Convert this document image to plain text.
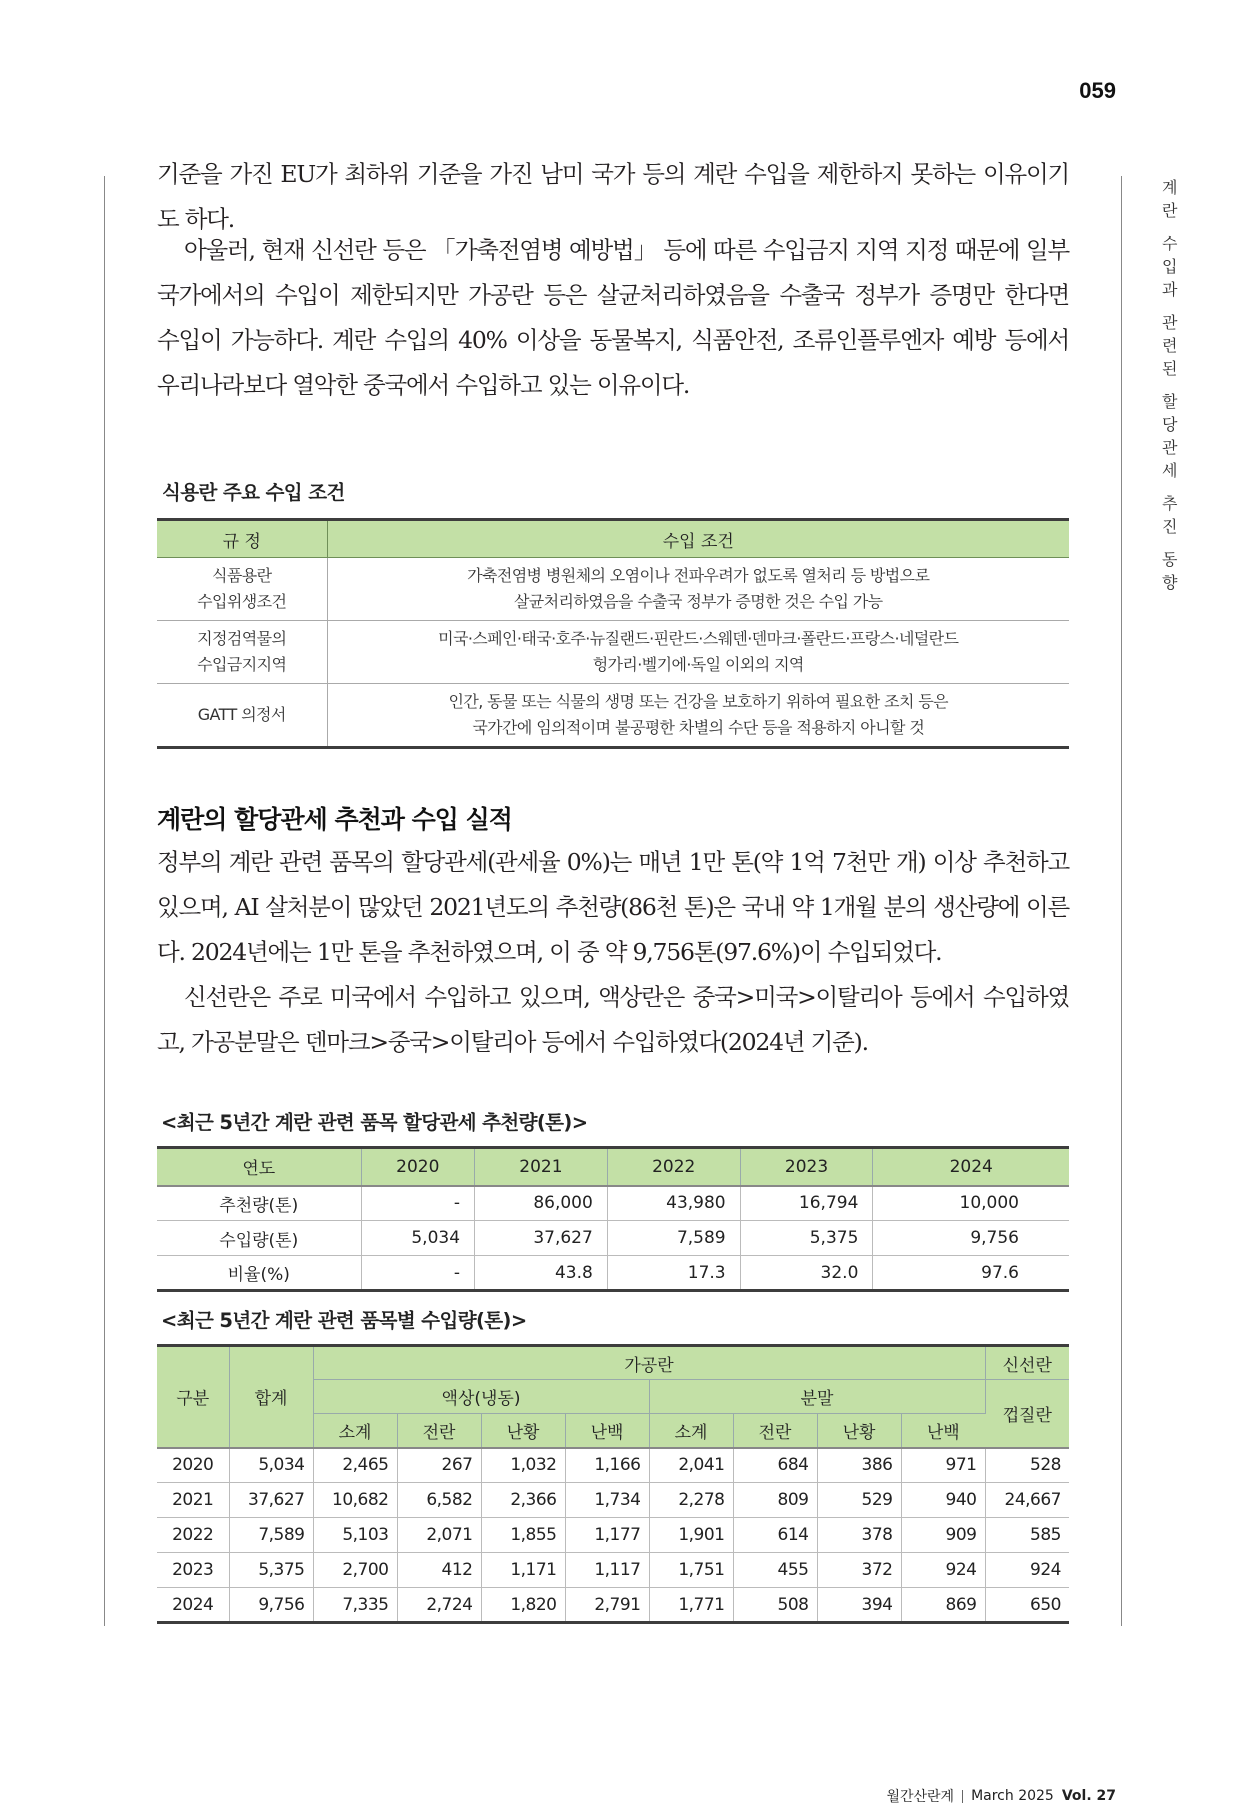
059
계
란
수
입
과
관
련
된
할
당
관
세
추
진
동
향
기준을 가진 EU가 최하위 기준을 가진 남미 국가 등의 계란 수입을 제한하지 못하는 이유이기
도 하다.
아울러, 현재 신선란 등은 「가축전염병 예방법」 등에 따른 수입금지 지역 지정 때문에 일부
국가에서의 수입이 제한되지만 가공란 등은 살균처리하였음을 수출국 정부가 증명만 한다면
수입이 가능하다. 계란 수입의 40% 이상을 동물복지, 식품안전, 조류인플루엔자 예방 등에서
우리나라보다 열악한 중국에서 수입하고 있는 이유이다.
식용란 주요 수입 조건
규 정	수입 조건
식품용란
수입위생조건	가축전염병 병원체의 오염이나 전파우려가 없도록 열처리 등 방법으로
살균처리하였음을 수출국 정부가 증명한 것은 수입 가능
지정검역물의
수입금지지역	미국·스페인·태국·호주·뉴질랜드·핀란드·스웨덴·덴마크·폴란드·프랑스·네덜란드
헝가리·벨기에·독일 이외의 지역
GATT 의정서	인간, 동물 또는 식물의 생명 또는 건강을 보호하기 위하여 필요한 조치 등은
국가간에 임의적이며 불공평한 차별의 수단 등을 적용하지 아니할 것
계란의 할당관세 추천과 수입 실적
정부의 계란 관련 품목의 할당관세(관세율 0%)는 매년 1만 톤(약 1억 7천만 개) 이상 추천하고
있으며, AI 살처분이 많았던 2021년도의 추천량(86천 톤)은 국내 약 1개월 분의 생산량에 이른
다. 2024년에는 1만 톤을 추천하였으며, 이 중 약 9,756톤(97.6%)이 수입되었다.
신선란은 주로 미국에서 수입하고 있으며, 액상란은 중국>미국>이탈리아 등에서 수입하였
고, 가공분말은 덴마크>중국>이탈리아 등에서 수입하였다(2024년 기준).
<최근 5년간 계란 관련 품목 할당관세 추천량(톤)>
연도	2020	2021	2022	2023	2024
추천량(톤)	-	86,000	43,980	16,794	10,000
수입량(톤)	5,034	37,627	7,589	5,375	9,756
비율(%)	-	43.8	17.3	32.0	97.6
<최근 5년간 계란 관련 품목별 수입량(톤)>
구분	합계	가공란								신선란
		액상(냉동)				분말				껍질란
		소계	전란	난황	난백	소계	전란	난황	난백	
2020	5,034	2,465	267	1,032	1,166	2,041	684	386	971	528
2021	37,627	10,682	6,582	2,366	1,734	2,278	809	529	940	24,667
2022	7,589	5,103	2,071	1,855	1,177	1,901	614	378	909	585
2023	5,375	2,700	412	1,171	1,117	1,751	455	372	924	924
2024	9,756	7,335	2,724	1,820	2,791	1,771	508	394	869	650
월간산란계 March 2025 Vol. 27
